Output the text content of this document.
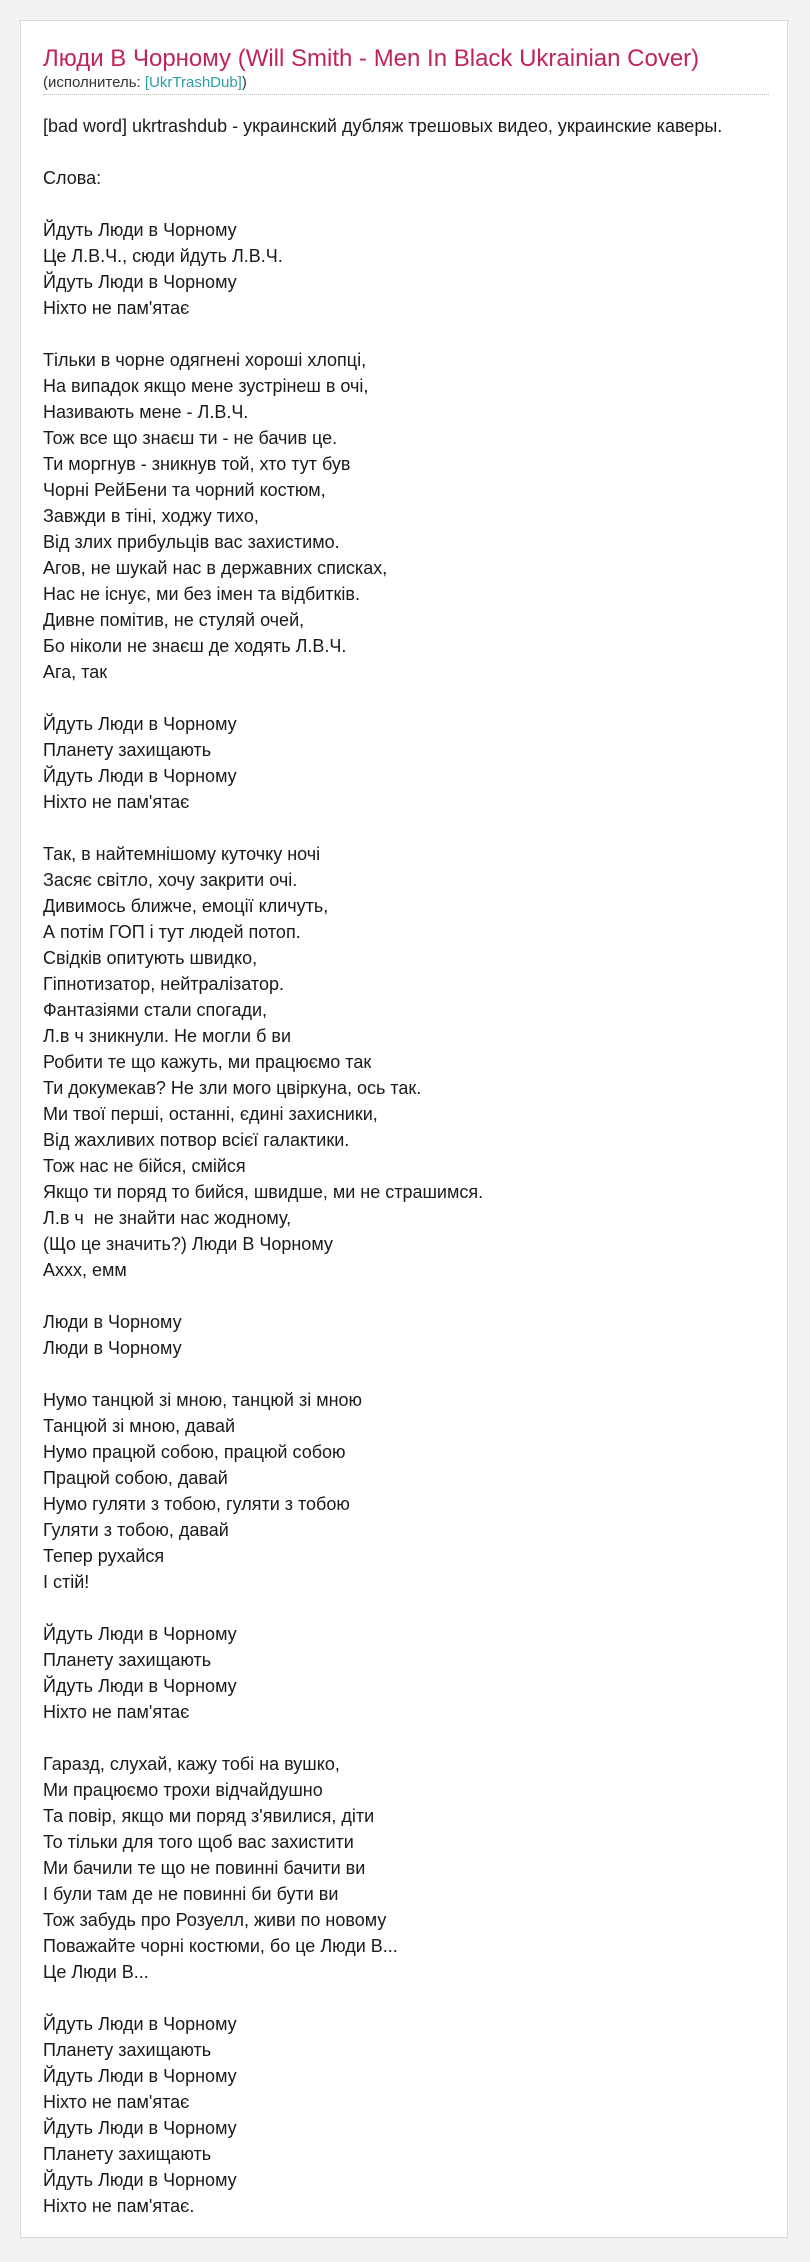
Люди В Чорному (Will Smith - Men In Black Ukrainian Cover)
(исполнитель: [UkrTrashDub])
[bad word] ukrtrashdub - украинский дубляж трешовых видео, украинские каверы.
Слова:
Йдуть Люди в Чорному
Це Л.В.Ч., сюди йдуть Л.В.Ч.
Йдуть Люди в Чорному
Ніхто не пам'ятає
Тільки в чорне одягнені хороші хлопці,
На випадок якщо мене зустрінеш в очі,
Називають мене - Л.В.Ч.
Тож все що знаєш ти - не бачив це.
Ти моргнув - зникнув той, хто тут був
Чорні РейБени та чорний костюм,
Завжди в тіні, ходжу тихо,
Від злих прибульців вас захистимо.
Агов, не шукай нас в державних списках,
Нас не існує, ми без імен та відбитків.
Дивне помітив, не стуляй очей,
Бо ніколи не знаєш де ходять Л.В.Ч.
Ага, так
Йдуть Люди в Чорному
Планету захищають
Йдуть Люди в Чорному
Ніхто не пам'ятає
Так, в найтемнішому куточку ночі
Засяє світло, хочу закрити очі.
Дивимось ближче, емоції кличуть,
А потім ГОП і тут людей потоп.
Свідків опитують швидко,
Гіпнотизатор, нейтралізатор.
Фантазіями стали спогади,
Л.в ч зникнули. Не могли б ви
Робити те що кажуть, ми працюємо так
Ти докумекав? Не зли мого цвіркуна, ось так.
Ми твої перші, останні, єдині захисники,
Від жахливих потвор всієї галактики.
Тож нас не бійся, смійся
Якщо ти поряд то бийся, швидше, ми не страшимся.
Л.в ч  не знайти нас жодному,
(Що це значить?) Люди В Чорному
Ахxx, емм
Люди в Чорному
Люди в Чорному
Нумо танцюй зі мною, танцюй зі мною
Танцюй зі мною, давай
Нумо працюй собою, працюй собою
Працюй собою, давай
Нумо гуляти з тобою, гуляти з тобою
Гуляти з тобою, давай
Тепер рухайся
І стій!
Йдуть Люди в Чорному
Планету захищають
Йдуть Люди в Чорному
Ніхто не пам'ятає
Гаразд, слухай, кажу тобі на вушко,
Ми працюємо трохи відчайдушно
Та повір, якщо ми поряд з'явилися, діти
То тільки для того щоб вас захистити
Ми бачили те що не повинні бачити ви
І були там де не повинні би бути ви
Тож забудь про Розуелл, живи по новому
Поважайте чорні костюми, бо це Люди В...
Це Люди В...
Йдуть Люди в Чорному
Планету захищають
Йдуть Люди в Чорному
Ніхто не пам'ятає
Йдуть Люди в Чорному
Планету захищають
Йдуть Люди в Чорному
Ніхто не пам'ятає.
